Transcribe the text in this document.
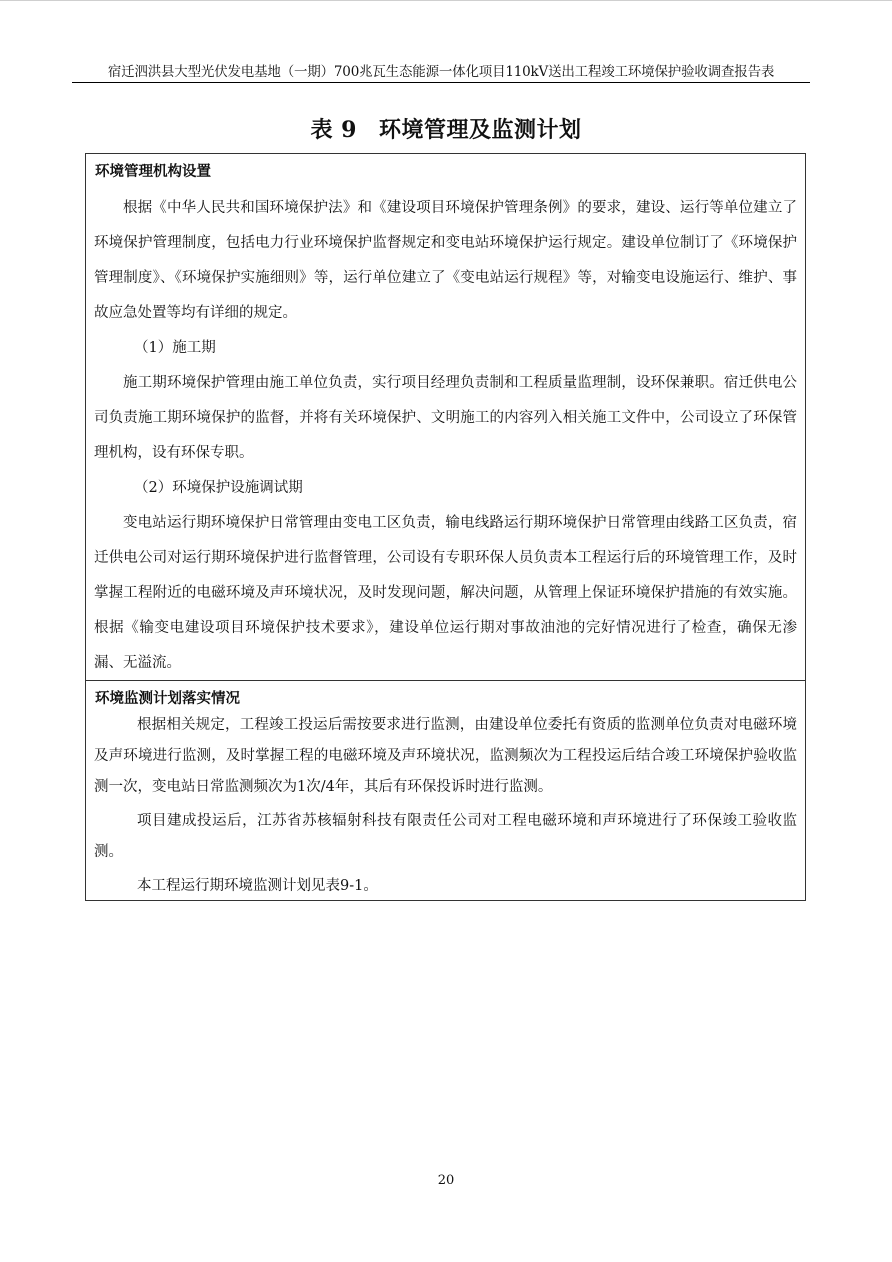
宿迁泗洪县大型光伏发电基地（一期）700兆瓦生态能源一体化项目110kV送出工程竣工环境保护验收调查报告表
表 9 环境管理及监测计划
环境管理机构设置

根据《中华人民共和国环境保护法》和《建设项目环境保护管理条例》的要求，建设、运行等单位建立了环境保护管理制度，包括电力行业环境保护监督规定和变电站环境保护运行规定。建设单位制订了《环境保护管理制度》、《环境保护实施细则》等，运行单位建立了《变电站运行规程》等，对输变电设施运行、维护、事故应急处置等均有详细的规定。

（1）施工期

施工期环境保护管理由施工单位负责，实行项目经理负责制和工程质量监理制，设环保兼职。宿迁供电公司负责施工期环境保护的监督，并将有关环境保护、文明施工的内容列入相关施工文件中，公司设立了环保管理机构，设有环保专职。

（2）环境保护设施调试期

变电站运行期环境保护日常管理由变电工区负责，输电线路运行期环境保护日常管理由线路工区负责，宿迁供电公司对运行期环境保护进行监督管理，公司设有专职环保人员负责本工程运行后的环境管理工作，及时掌握工程附近的电磁环境及声环境状况，及时发现问题，解决问题，从管理上保证环境保护措施的有效实施。根据《输变电建设项目环境保护技术要求》，建设单位运行期对事故油池的完好情况进行了检查，确保无渗漏、无溢流。

环境监测计划落实情况

根据相关规定，工程竣工投运后需按要求进行监测，由建设单位委托有资质的监测单位负责对电磁环境及声环境进行监测，及时掌握工程的电磁环境及声环境状况，监测频次为工程投运后结合竣工环境保护验收监测一次，变电站日常监测频次为1次/4年，其后有环保投诉时进行监测。

项目建成投运后，江苏省苏核辐射科技有限责任公司对工程电磁环境和声环境进行了环保竣工验收监测。

本工程运行期环境监测计划见表9-1。

20
